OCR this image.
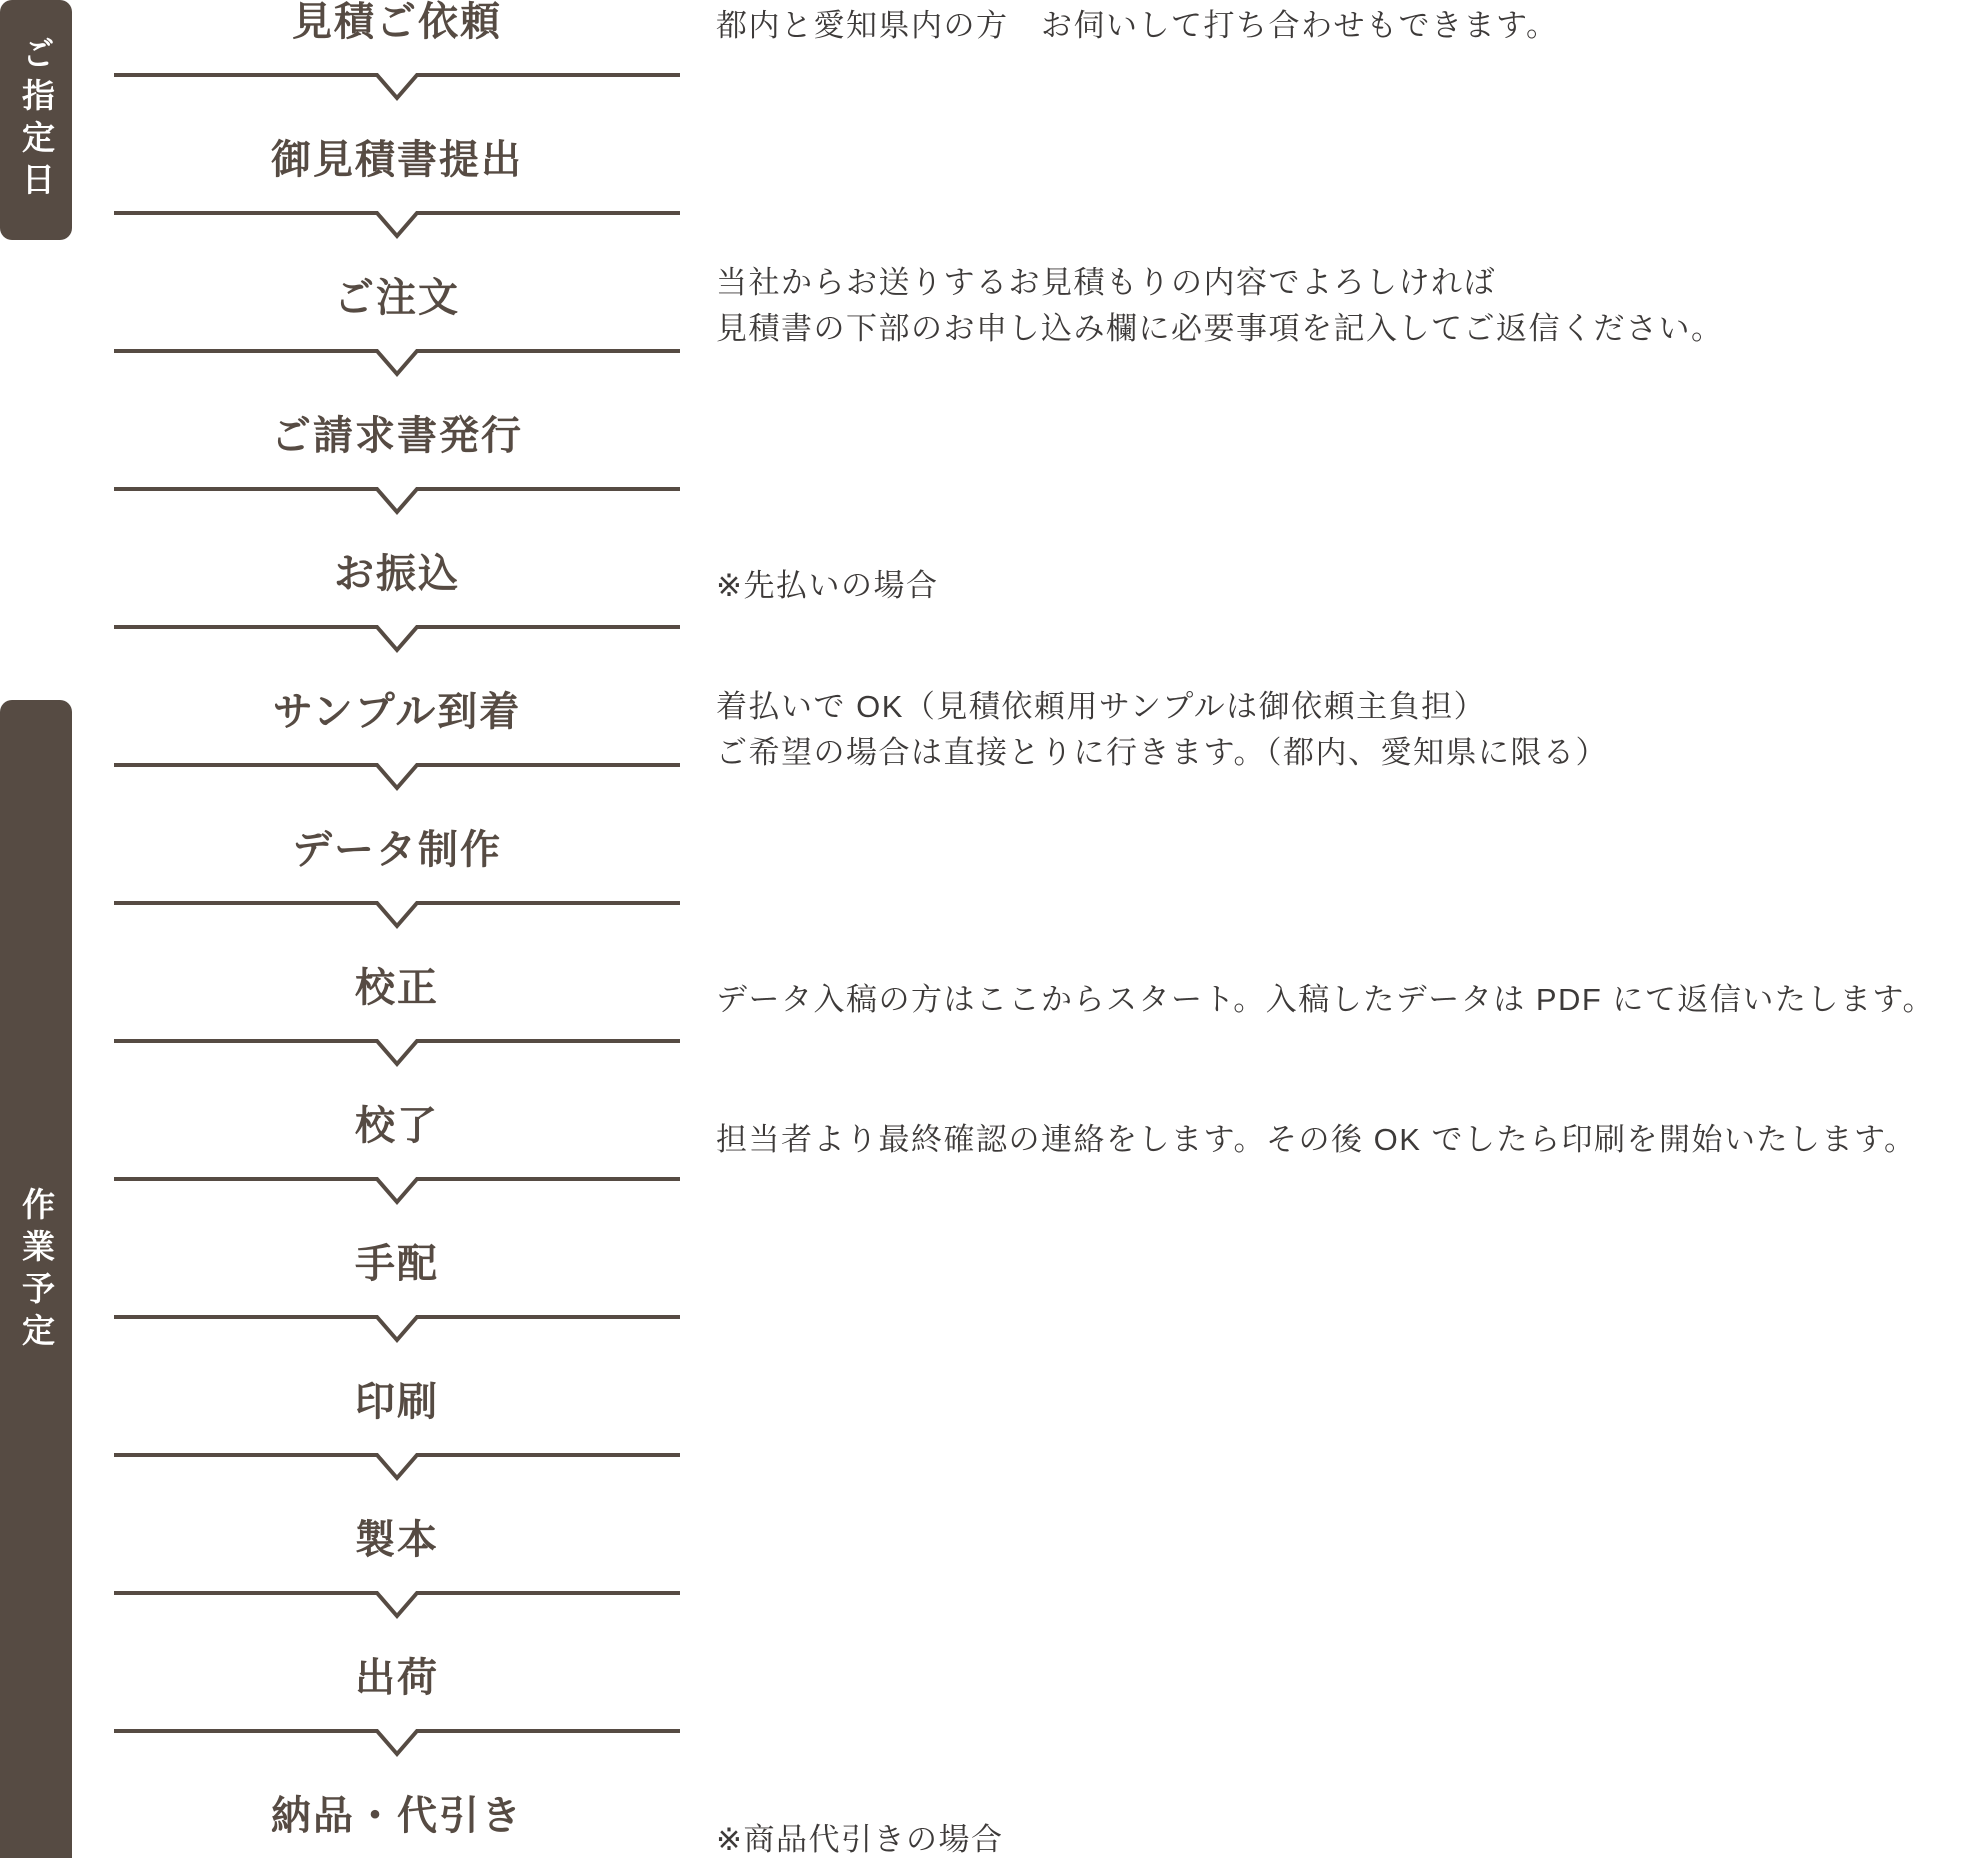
ご指定日
作業予定
見積ご依頼
御見積書提出
ご注文
ご請求書発行
お振込
サンプル到着
データ制作
校正
校了
手配
印刷
製本
出荷
納品・代引き
都内と愛知県内の方　お伺いして打ち合わせもできます。
当社からお送りするお見積もりの内容でよろしければ
見積書の下部のお申し込み欄に必要事項を記入してご返信ください。
※先払いの場合
着払いで OK（見積依頼用サンプルは御依頼主負担）
ご希望の場合は直接とりに行きます。（都内、愛知県に限る）
データ入稿の方はここからスタート。入稿したデータは PDF にて返信いたします。
担当者より最終確認の連絡をします。その後 OK でしたら印刷を開始いたします。
※商品代引きの場合
